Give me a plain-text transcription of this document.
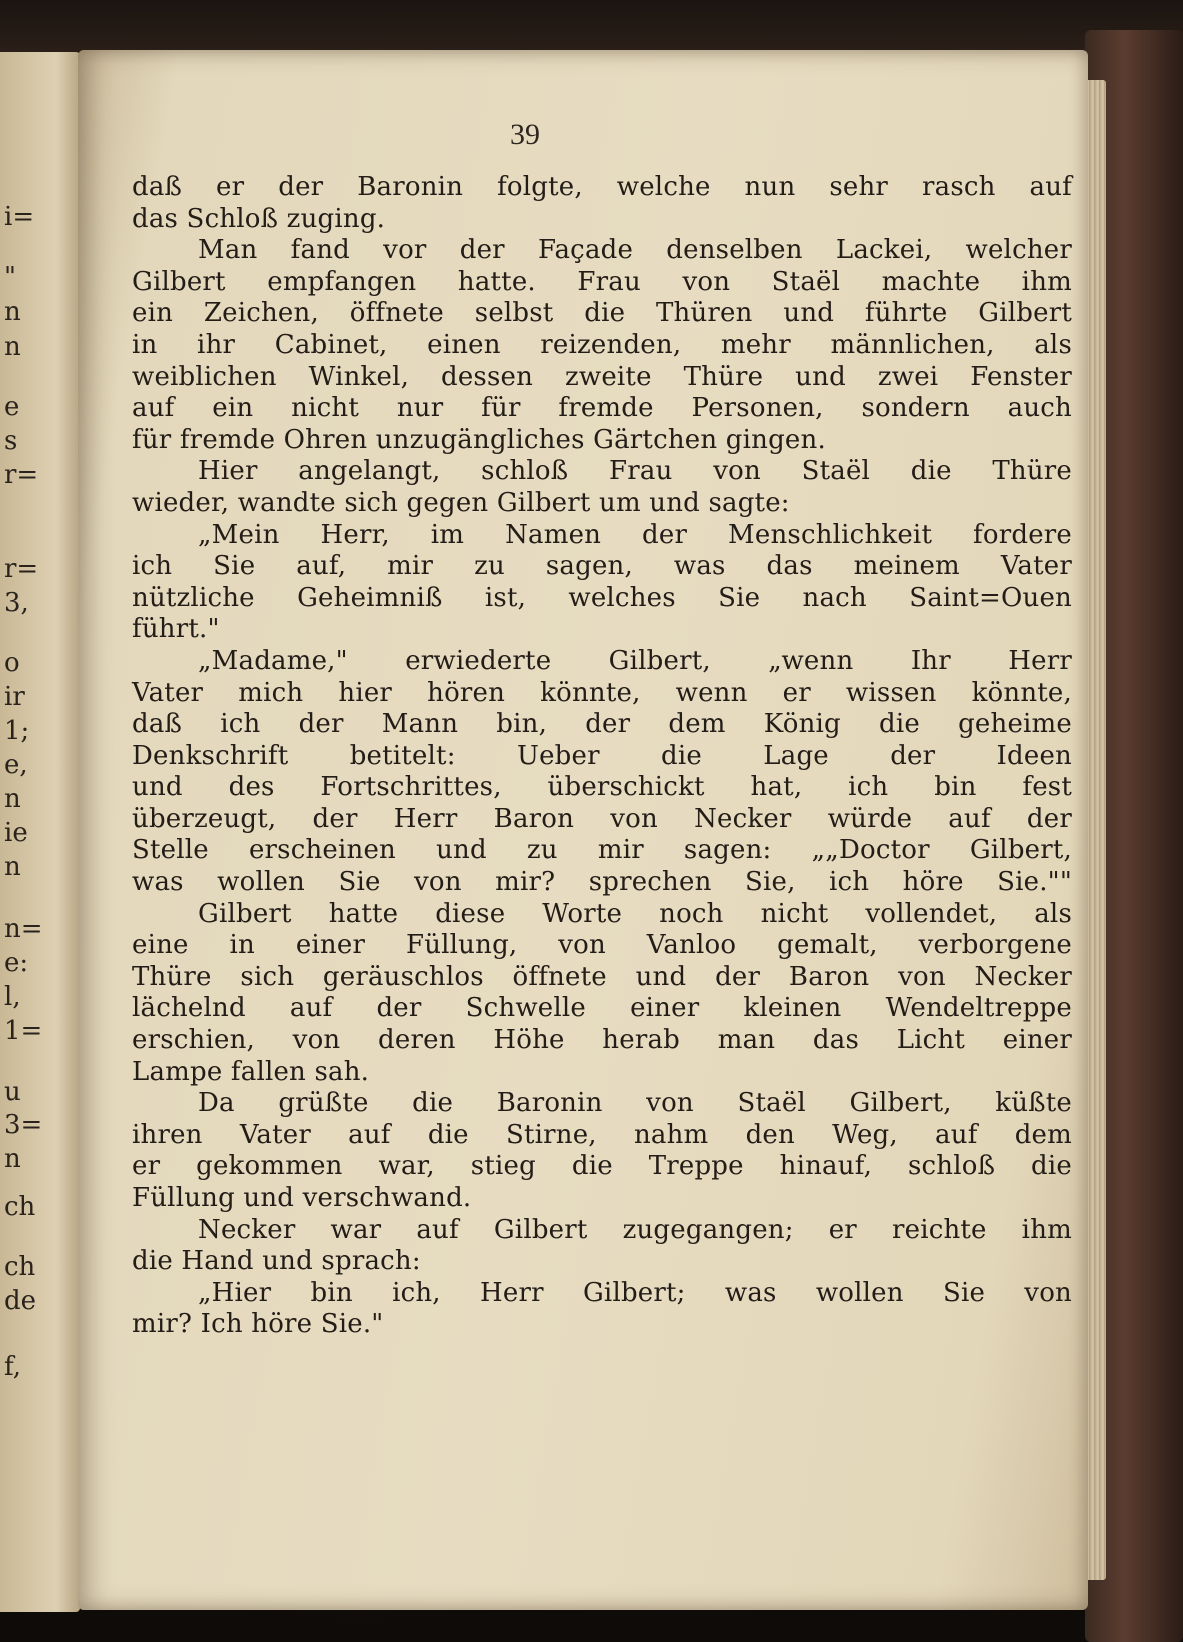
i=
"
n
n
e
s
r=
r=
3,
o
ir
1;
e,
n
ie
n
n=
e:
l,
1=
u
3=
n
ch
ch
de
f,
39
daß er der Baronin folgte, welche nun sehr rasch auf
das Schloß zuging.
Man fand vor der Façade denselben Lackei, welcher
Gilbert empfangen hatte. Frau von Staël machte ihm
ein Zeichen, öffnete selbst die Thüren und führte Gilbert
in ihr Cabinet, einen reizenden, mehr männlichen, als
weiblichen Winkel, dessen zweite Thüre und zwei Fenster
auf ein nicht nur für fremde Personen, sondern auch
für fremde Ohren unzugängliches Gärtchen gingen.
Hier angelangt, schloß Frau von Staël die Thüre
wieder, wandte sich gegen Gilbert um und sagte:
„Mein Herr, im Namen der Menschlichkeit fordere
ich Sie auf, mir zu sagen, was das meinem Vater
nützliche Geheimniß ist, welches Sie nach Saint=Ouen
führt."
„Madame," erwiederte Gilbert, „wenn Ihr Herr
Vater mich hier hören könnte, wenn er wissen könnte,
daß ich der Mann bin, der dem König die geheime
Denkschrift betitelt: Ueber die Lage der Ideen
und des Fortschrittes, überschickt hat, ich bin fest
überzeugt, der Herr Baron von Necker würde auf der
Stelle erscheinen und zu mir sagen: „„Doctor Gilbert,
was wollen Sie von mir? sprechen Sie, ich höre Sie.""
Gilbert hatte diese Worte noch nicht vollendet, als
eine in einer Füllung, von Vanloo gemalt, verborgene
Thüre sich geräuschlos öffnete und der Baron von Necker
lächelnd auf der Schwelle einer kleinen Wendeltreppe
erschien, von deren Höhe herab man das Licht einer
Lampe fallen sah.
Da grüßte die Baronin von Staël Gilbert, küßte
ihren Vater auf die Stirne, nahm den Weg, auf dem
er gekommen war, stieg die Treppe hinauf, schloß die
Füllung und verschwand.
Necker war auf Gilbert zugegangen; er reichte ihm
die Hand und sprach:
„Hier bin ich, Herr Gilbert; was wollen Sie von
mir? Ich höre Sie."
